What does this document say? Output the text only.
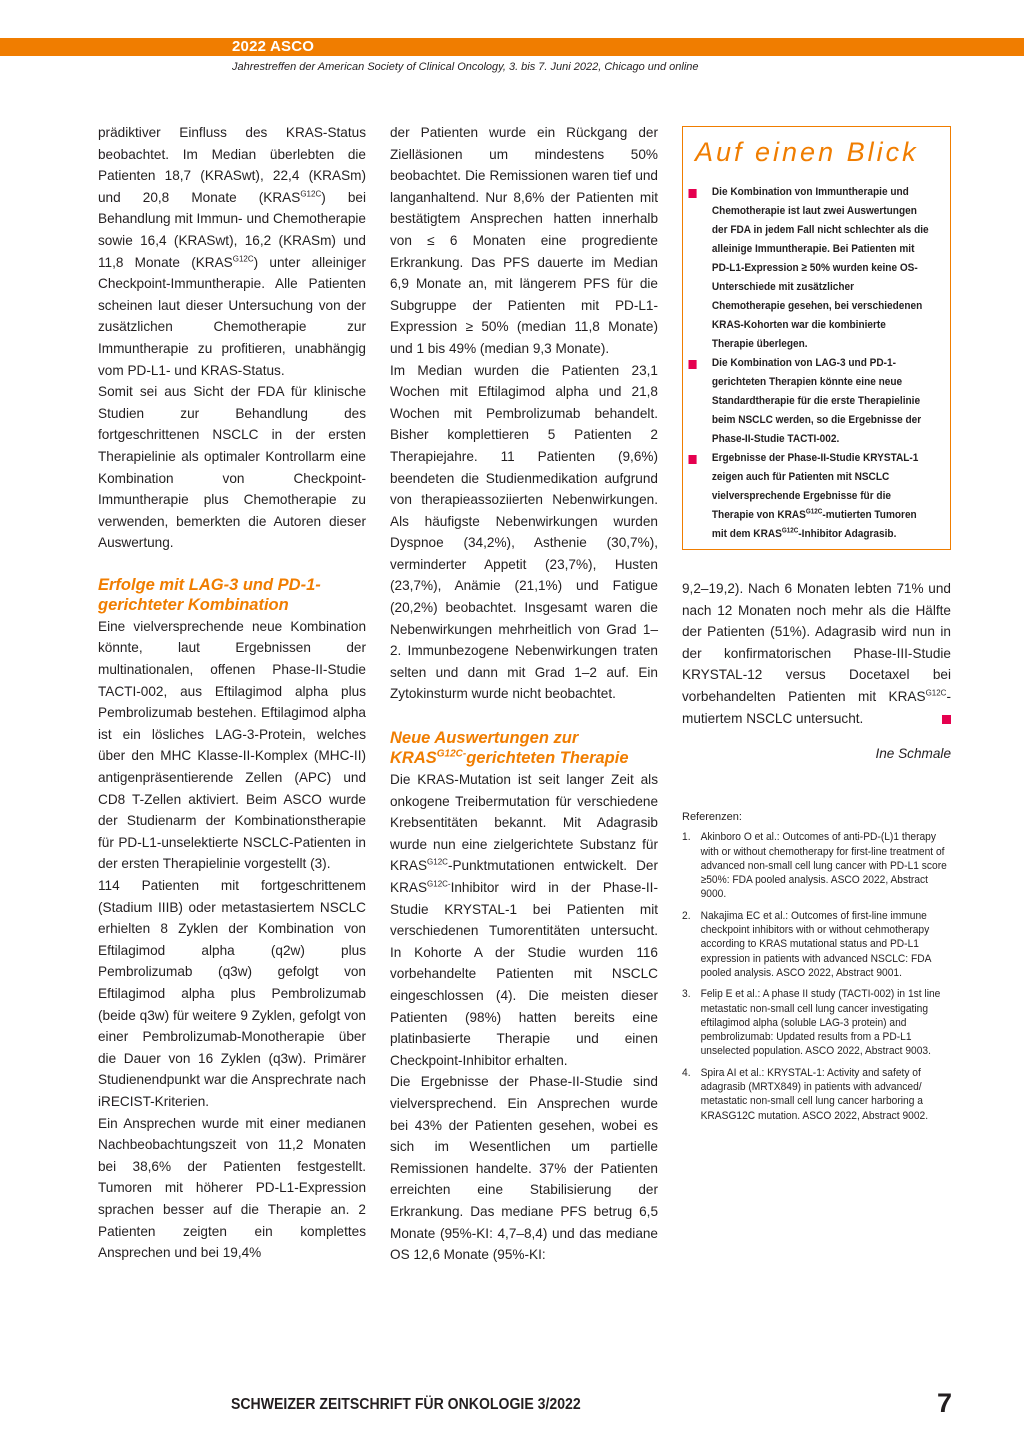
2022 ASCO
Jahrestreffen der American Society of Clinical Oncology, 3. bis 7. Juni 2022, Chicago und online

prädiktiver Einfluss des KRAS-Status beobachtet. Im Median überlebten die Patienten 18,7 (KRASwt), 22,4 (KRASm) und 20,8 Monate $(KRAS^{G12C})$ bei Behandlung mit Immun- und Chemotherapie sowie 16,4 (KRASwt), 16,2 (KRASm) und 11,8 Monate $(KRAS^{G12C})$ unter alleiniger Checkpoint-Immuntherapie. Alle Patienten scheinen laut dieser Untersuchung von der zusätzlichen Chemotherapie zur Immuntherapie zu profitieren, unabhängig vom PD-L1- und KRAS-Status.

Somit sei aus Sicht der FDA für klinische Studien zur Behandlung des fortgeschrittenen NSCLC in der ersten Therapielinie als optimaler Kontrollarm eine Kombination von Checkpoint-Immuntherapie plus Chemotherapie zu verwenden, bemerkten die Autoren dieser Auswertung.

Erfolge mit LAG-3 und PD-1-gerichteter Kombination

Eine vielversprechende neue Kombination könnte, laut Ergebnissen der multinationalen, offenen Phase-II-Studie TACTI-002, aus Eftilagimod alpha plus Pembrolizumab bestehen. Eftilagimod alpha ist ein lösliches LAG-3-Protein, welches über den MHC Klasse-II-Komplex (MHC-II) antigenpräsentierende Zellen (APC) und CD8 T-Zellen aktiviert. Beim ASCO wurde der Studienarm der Kombinationstherapie für PD-L1-unselektierte NSCLC-Patienten in der ersten Therapielinie vorgestellt (3).

114 Patienten mit fortgeschrittenem (Stadium IIIB) oder metastasiertem NSCLC erhielten 8 Zyklen der Kombination von Eftilagimod alpha (q2w) plus Pembrolizumab (q3w) gefolgt von Eftilagimod alpha plus Pembrolizumab (beide q3w) für weitere 9 Zyklen, gefolgt von einer Pembrolizumab-Monotherapie über die Dauer von 16 Zyklen (q3w). Primärer Studienendpunkt war die Ansprechrate nach iRECIST-Kriterien.

Ein Ansprechen wurde mit einer medianen Nachbeobachtungszeit von 11,2 Monaten bei 38,6% der Patienten festgestellt. Tumoren mit höherer PD-L1-Expression sprachen besser auf die Therapie an. 2 Patienten zeigten ein komplettes Ansprechen und bei 19,4%

der Patienten wurde ein Rückgang der Zielläsionen um mindestens 50% beobachtet. Die Remissionen waren tief und langanhaltend. Nur 8,6% der Patienten mit bestätigtem Ansprechen hatten innerhalb von ≤ 6 Monaten eine progrediente Erkrankung. Das PFS dauerte im Median 6,9 Monate an, mit längerem PFS für die Subgruppe der Patienten mit PD-L1-Expression ≥ 50% (median 11,8 Monate) und 1 bis 49% (median 9,3 Monate).

Im Median wurden die Patienten 23,1 Wochen mit Eftilagimod alpha und 21,8 Wochen mit Pembrolizumab behandelt. Bisher komplettieren 5 Patienten 2 Therapiejahre. 11 Patienten (9,6%) beendeten die Studienmedikation aufgrund von therapieassoziierten Nebenwirkungen. Als häufigste Nebenwirkungen wurden Dyspnoe (34,2%), Asthenie (30,7%), verminderter Appetit (23,7%), Husten (23,7%), Anämie (21,1%) und Fatigue (20,2%) beobachtet. Insgesamt waren die Nebenwirkungen mehrheitlich von Grad 1–2. Immunbezogene Nebenwirkungen traten selten und dann mit Grad 1–2 auf. Ein Zytokinsturm wurde nicht beobachtet.

Neue Auswertungen zur $KRAS^{G12C-}gerichteten$ Therapie

Die KRAS-Mutation ist seit langer Zeit als onkogene Treibermutation für verschiedene Krebsentitäten bekannt. Mit Adagrasib wurde nun eine zielgerichtete Substanz für $KRAS^{G12C}$-Punktmutationen entwickelt. Der $KRAS^{G12C-}Inhibitor$ wird in der Phase-II-Studie KRYSTAL-1 bei Patienten mit verschiedenen Tumorentitäten untersucht. In Kohorte A der Studie wurden 116 vorbehandelte Patienten mit NSCLC eingeschlossen (4). Die meisten dieser Patienten (98%) hatten bereits eine platinbasierte Therapie und einen Checkpoint-Inhibitor erhalten.

Die Ergebnisse der Phase-II-Studie sind vielversprechend. Ein Ansprechen wurde bei 43% der Patienten gesehen, wobei es sich im Wesentlichen um partielle Remissionen handelte. 37% der Patienten erreichten eine Stabilisierung der Erkrankung. Das mediane PFS betrug 6,5 Monate (95%-KI: 4,7–8,4) und das mediane OS 12,6 Monate (95%-KI:

Auf einen Blick
Die Kombination von Immuntherapie und Chemotherapie ist laut zwei Auswertungen der FDA in jedem Fall nicht schlechter als die alleinige Immuntherapie. Bei Patienten mit PD-L1-Expression ≥ 50% wurden keine OS-Unterschiede mit zusätzlicher Chemotherapie gesehen, bei verschiedenen KRAS-Kohorten war die kombinierte Therapie überlegen.
Die Kombination von LAG-3 und PD-1-gerichteten Therapien könnte eine neue Standardtherapie für die erste Therapielinie beim NSCLC werden, so die Ergebnisse der Phase-II-Studie TACTI-002.
Ergebnisse der Phase-II-Studie KRYSTAL-1 zeigen auch für Patienten mit NSCLC vielversprechende Ergebnisse für die Therapie von $KRAS^{G12C}$-mutierten Tumoren mit dem $KRAS^{G12C}$-Inhibitor Adagrasib.

9,2–19,2). Nach 6 Monaten lebten 71% und nach 12 Monaten noch mehr als die Hälfte der Patienten (51%). Adagrasib wird nun in der konfirmatorischen Phase-III-Studie KRYSTAL-12 versus Docetaxel bei vorbehandelten Patienten mit $KRAS^{G12C}$-mutiertem NSCLC untersucht.

Ine Schmale
Referenzen:
1. Akinboro O et al.: Outcomes of anti-PD-(L)1 therapy with or without chemotherapy for first-line treatment of advanced non-small cell lung cancer with PD-L1 score ≥50%: FDA pooled analysis. ASCO 2022, Abstract 9000.
2. Nakajima EC et al.: Outcomes of first-line immune checkpoint inhibitors with or without cehmotherapy according to KRAS mutational status and PD-L1 expression in patients with advanced NSCLC: FDA pooled analysis. ASCO 2022, Abstract 9001.
3. Felip E et al.: A phase II study (TACTI-002) in 1st line metastatic non-small cell lung cancer investigating eftilagimod alpha (soluble LAG-3 protein) and pembrolizumab: Updated results from a PD-L1 unselected population. ASCO 2022, Abstract 9003.
4. Spira AI et al.: KRYSTAL-1: Activity and safety of adagrasib (MRTX849) in patients with advanced/ metastatic non-small cell lung cancer harboring a KRASG12C mutation. ASCO 2022, Abstract 9002.
SCHWEIZER ZEITSCHRIFT FÜR ONKOLOGIE 3/2022	7
